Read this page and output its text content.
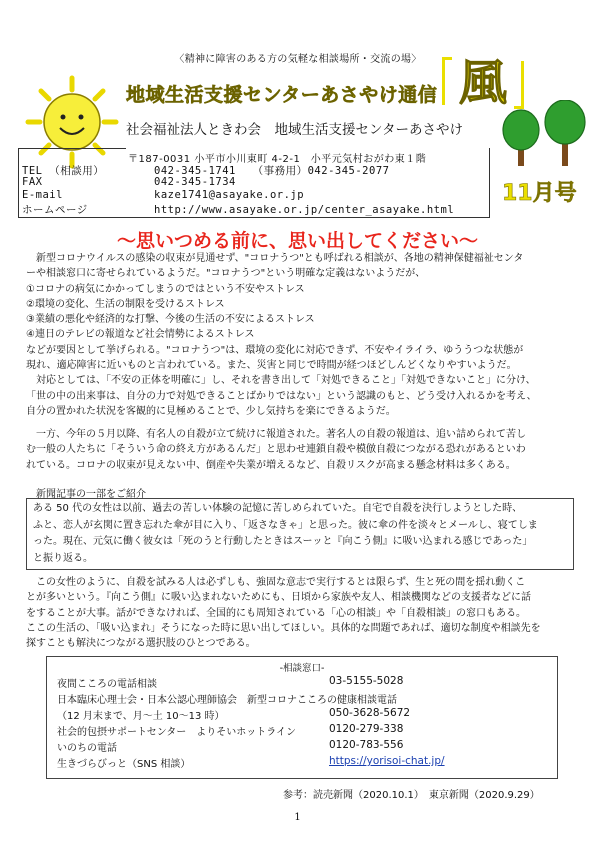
〈精神に障害のある方の気軽な相談場所・交流の場〉
地域生活支援センターあさやけ通信 風
社会福祉法人ときわ会　地域生活支援センターあさやけ
〒187-0031 小平市小川東町 4-2-1　小平元気村おがわ東１階
TEL （相談用）	042-345-1741　　（事務用）042-345-2077
FAX	042-345-1734
E-mail	kaze1741@asayake.or.jp
ホームページ	http://www.asayake.or.jp/center_asayake.html
11月号
～思いつめる前に、思い出してください～
　新型コロナウイルスの感染の収束が見通せず、"コロナうつ"とも呼ばれる相談が、各地の精神保健福祉センタ
ーや相談窓口に寄せられているようだ。"コロナうつ"という明確な定義はないようだが、
①コロナの病気にかかってしまうのではという不安やストレス
②環境の変化、生活の制限を受けるストレス
③業績の悪化や経済的な打撃、今後の生活の不安によるストレス
④連日のテレビの報道など社会情勢によるストレス
などが要因として挙げられる。"コロナうつ"は、環境の変化に対応できず、不安やイライラ、ゆううつな状態が
現れ、適応障害に近いものと言われている。また、災害と同じで時間が経つほどしんどくなりやすいようだ。
　対応としては、「不安の正体を明確に」し、それを書き出して「対処できること」「対処できないこと」に分け、
「世の中の出来事は、自分の力で対処できることばかりではない」という認識のもと、どう受け入れるかを考え、
自分の置かれた状況を客観的に見極めることで、少し気持ちを楽にできるようだ。
　一方、今年の５月以降、有名人の自殺が立て続けに報道された。著名人の自殺の報道は、追い詰められて苦し
む一般の人たちに「そういう命の終え方があるんだ」と思わせ連鎖自殺や模倣自殺につながる恐れがあるといわ
れている。コロナの収束が見えない中、倒産や失業が増えるなど、自殺リスクが高まる懸念材料は多くある。
新聞記事の一部をご紹介
ある 50 代の女性は以前、過去の苦しい体験の記憶に苦しめられていた。自宅で自殺を決行しようとした時、
ふと、恋人が玄関に置き忘れた傘が目に入り、「返さなきゃ」と思った。彼に傘の件を淡々とメールし、寝てしま
った。現在、元気に働く彼女は「死のうと行動したときはスーッと『向こう側』に吸い込まれる感じであった」
と振り返る。
　この女性のように、自殺を試みる人は必ずしも、強固な意志で実行するとは限らず、生と死の間を揺れ動くこ
とが多いという。『向こう側』に吸い込まれないためにも、日頃から家族や友人、相談機関などの支援者などに話
をすることが大事。話ができなければ、全国的にも周知されている「心の相談」や「自殺相談」の窓口もある。
ここの生活の、「吸い込まれ」そうになった時に思い出してほしい。具体的な問題であれば、適切な制度や相談先を
探すことも解決につながる選択肢のひとつである。
-相談窓口-
夜間こころの電話相談	03-5155-5028
日本臨床心理士会・日本公認心理師協会　新型コロナこころの健康相談電話
（12 月末まで、月～土 10～13 時）	050-3628-5672
社会的包摂サポートセンター　よりそいホットライン	0120-279-338
いのちの電話	0120-783-556
生きづらびっと（SNS 相談）	https://yorisoi-chat.jp/
参考：読売新聞（2020.10.1）　東京新聞（2020.9.29）
1
